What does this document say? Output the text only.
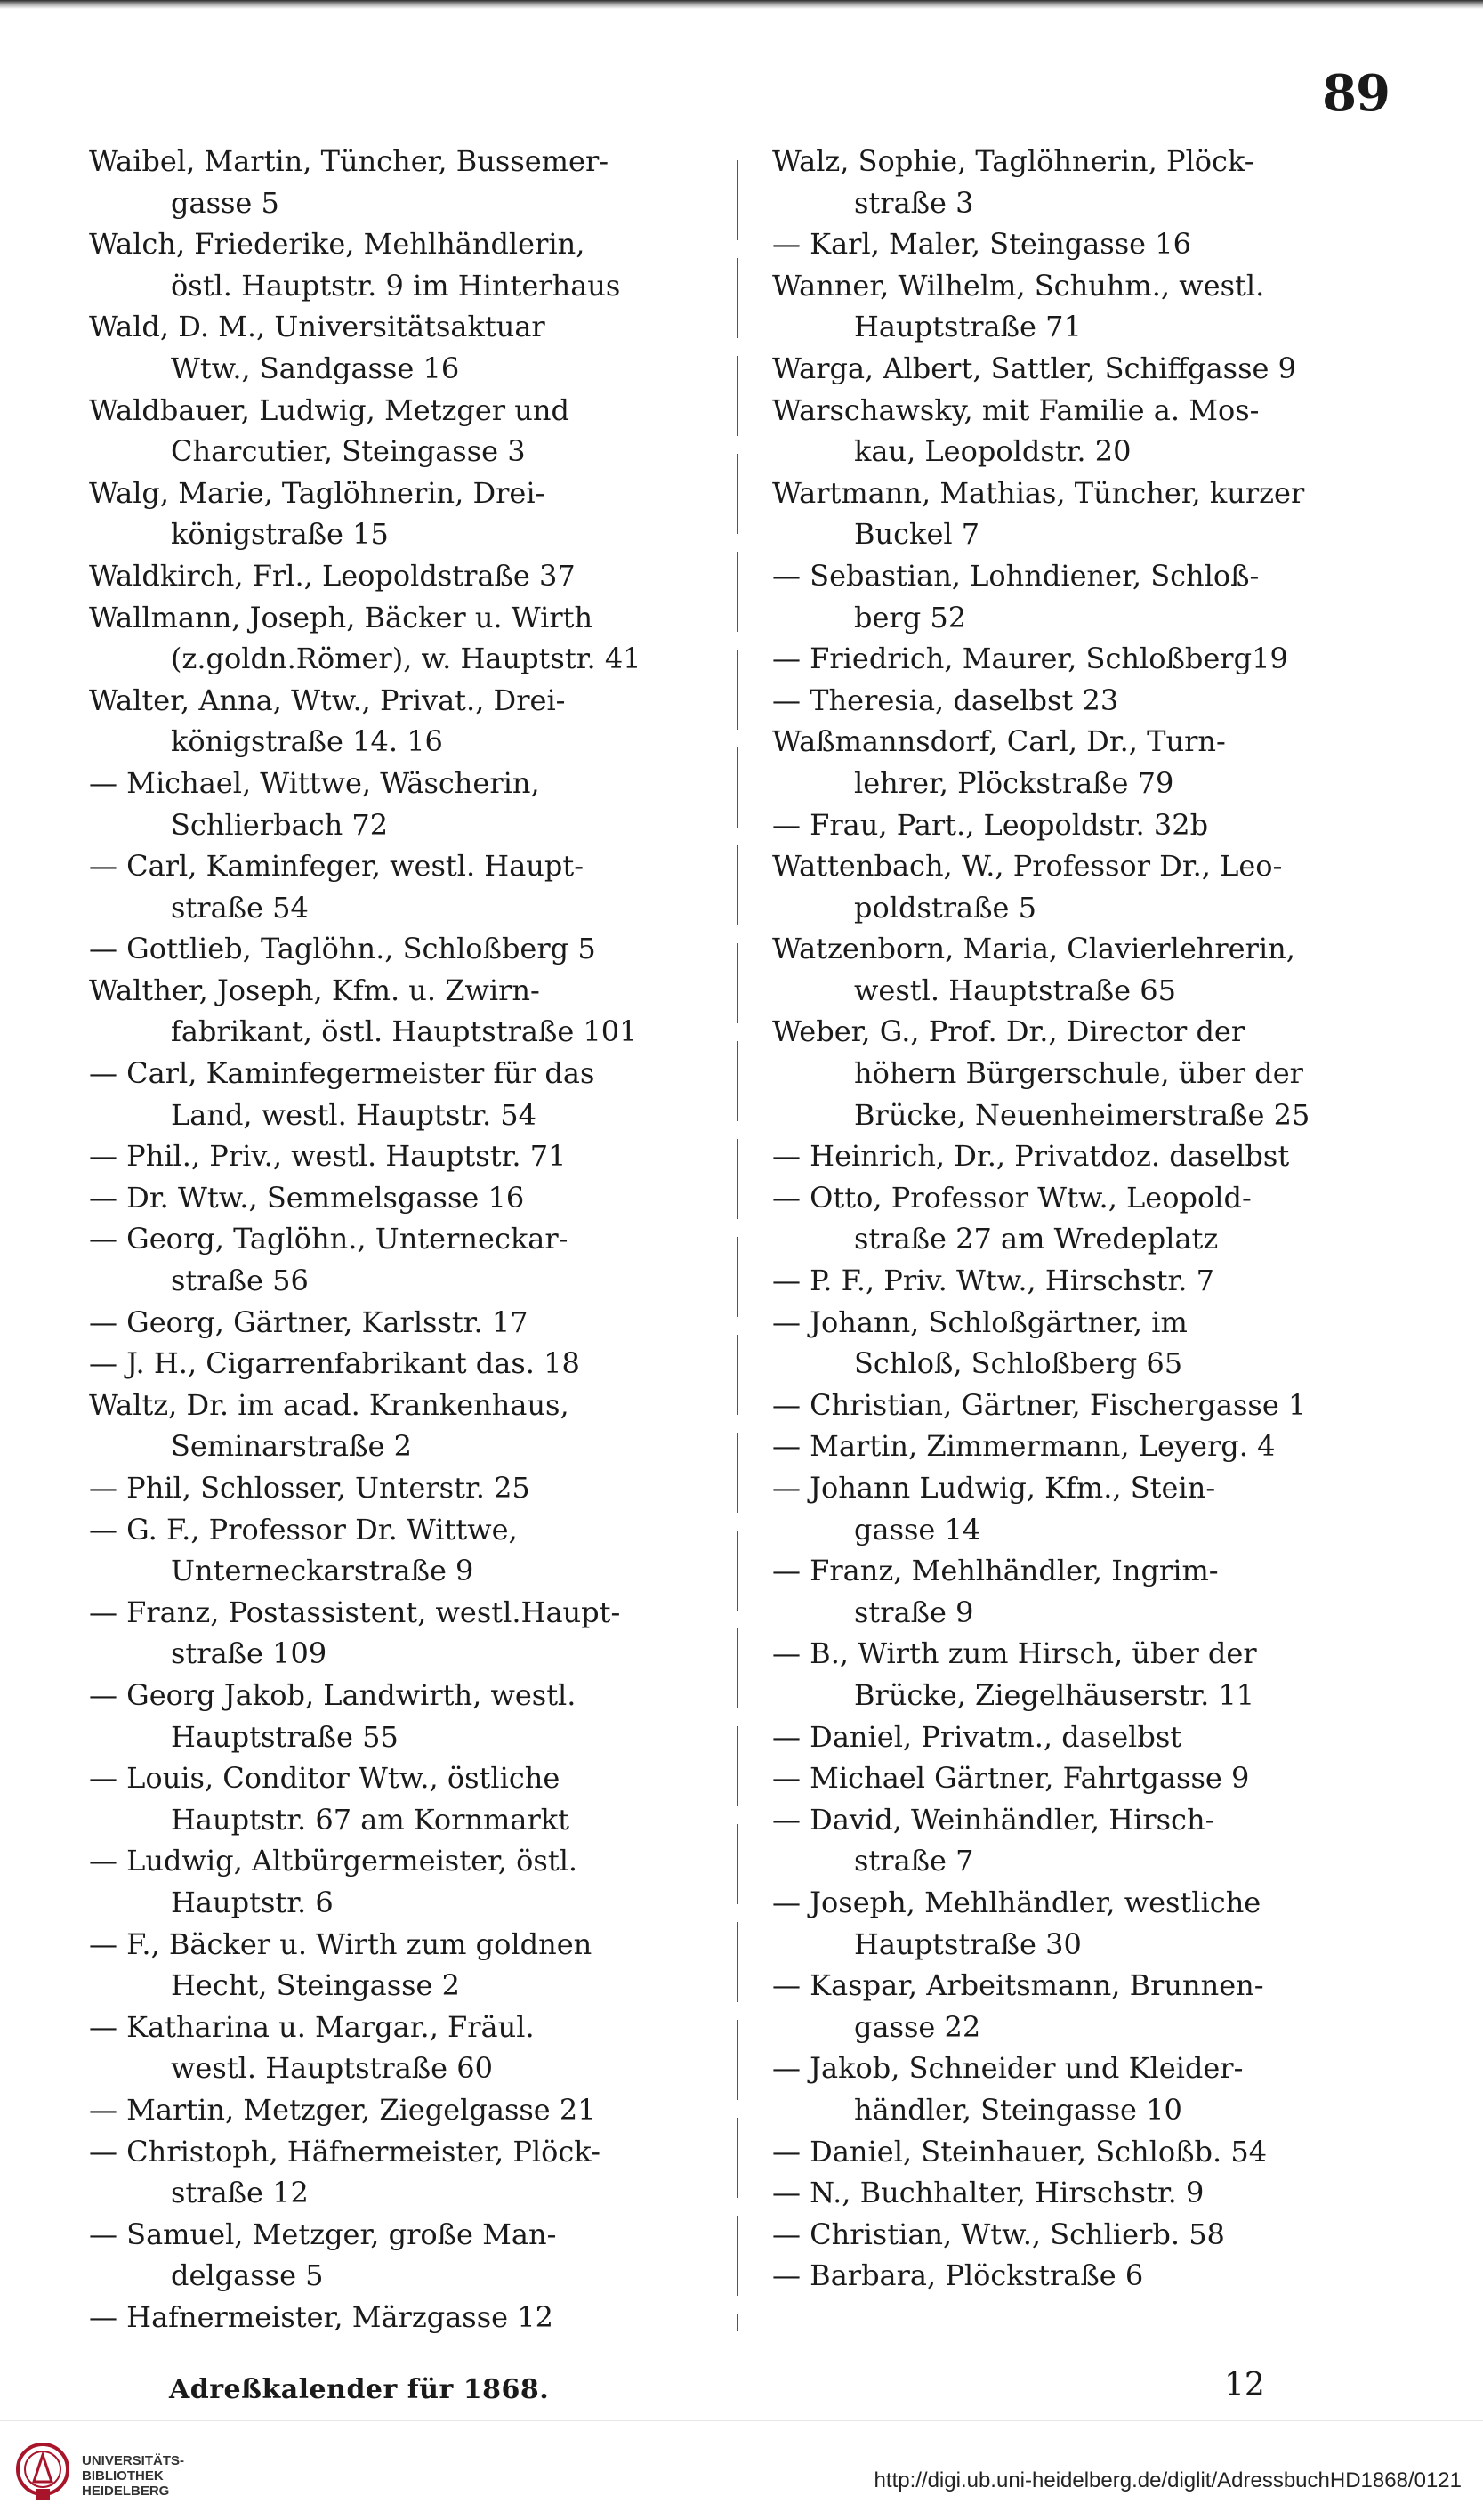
89
Waibel, Martin, Tüncher, Bussemer-
gasse 5
Walch, Friederike, Mehlhändlerin,
östl. Hauptstr. 9 im Hinterhaus
Wald, D. M., Universitätsaktuar
Wtw., Sandgasse 16
Waldbauer, Ludwig, Metzger und
Charcutier, Steingasse 3
Walg, Marie, Taglöhnerin, Drei-
königstraße 15
Waldkirch, Frl., Leopoldstraße 37
Wallmann, Joseph, Bäcker u. Wirth
(z.goldn.Römer), w. Hauptstr. 41
Walter, Anna, Wtw., Privat., Drei-
königstraße 14. 16
— Michael, Wittwe, Wäscherin,
Schlierbach 72
— Carl, Kaminfeger, westl. Haupt-
straße 54
— Gottlieb, Taglöhn., Schloßberg 5
Walther, Joseph, Kfm. u. Zwirn-
fabrikant, östl. Hauptstraße 101
— Carl, Kaminfegermeister für das
Land, westl. Hauptstr. 54
— Phil., Priv., westl. Hauptstr. 71
— Dr. Wtw., Semmelsgasse 16
— Georg, Taglöhn., Unterneckar-
straße 56
— Georg, Gärtner, Karlsstr. 17
— J. H., Cigarrenfabrikant das. 18
Waltz, Dr. im acad. Krankenhaus,
Seminarstraße 2
— Phil, Schlosser, Unterstr. 25
— G. F., Professor Dr. Wittwe,
Unterneckarstraße 9
— Franz, Postassistent, westl.Haupt-
straße 109
— Georg Jakob, Landwirth, westl.
Hauptstraße 55
— Louis, Conditor Wtw., östliche
Hauptstr. 67 am Kornmarkt
— Ludwig, Altbürgermeister, östl.
Hauptstr. 6
— F., Bäcker u. Wirth zum goldnen
Hecht, Steingasse 2
— Katharina u. Margar., Fräul.
westl. Hauptstraße 60
— Martin, Metzger, Ziegelgasse 21
— Christoph, Häfnermeister, Plöck-
straße 12
— Samuel, Metzger, große Man-
delgasse 5
— Hafnermeister, Märzgasse 12
Walz, Sophie, Taglöhnerin, Plöck-
straße 3
— Karl, Maler, Steingasse 16
Wanner, Wilhelm, Schuhm., westl.
Hauptstraße 71
Warga, Albert, Sattler, Schiffgasse 9
Warschawsky, mit Familie a. Mos-
kau, Leopoldstr. 20
Wartmann, Mathias, Tüncher, kurzer
Buckel 7
— Sebastian, Lohndiener, Schloß-
berg 52
— Friedrich, Maurer, Schloßberg19
— Theresia, daselbst 23
Waßmannsdorf, Carl, Dr., Turn-
lehrer, Plöckstraße 79
— Frau, Part., Leopoldstr. 32b
Wattenbach, W., Professor Dr., Leo-
poldstraße 5
Watzenborn, Maria, Clavierlehrerin,
westl. Hauptstraße 65
Weber, G., Prof. Dr., Director der
höhern Bürgerschule, über der
Brücke, Neuenheimerstraße 25
— Heinrich, Dr., Privatdoz. daselbst
— Otto, Professor Wtw., Leopold-
straße 27 am Wredeplatz
— P. F., Priv. Wtw., Hirschstr. 7
— Johann, Schloßgärtner, im
Schloß, Schloßberg 65
— Christian, Gärtner, Fischergasse 1
— Martin, Zimmermann, Leyerg. 4
— Johann Ludwig, Kfm., Stein-
gasse 14
— Franz, Mehlhändler, Ingrim-
straße 9
— B., Wirth zum Hirsch, über der
Brücke, Ziegelhäuserstr. 11
— Daniel, Privatm., daselbst
— Michael Gärtner, Fahrtgasse 9
— David, Weinhändler, Hirsch-
straße 7
— Joseph, Mehlhändler, westliche
Hauptstraße 30
— Kaspar, Arbeitsmann, Brunnen-
gasse 22
— Jakob, Schneider und Kleider-
händler, Steingasse 10
— Daniel, Steinhauer, Schloßb. 54
— N., Buchhalter, Hirschstr. 9
— Christian, Wtw., Schlierb. 58
— Barbara, Plöckstraße 6
Adreßkalender für 1868.	12
UNIVERSITÄTS-
BIBLIOTHEK
HEIDELBERG	http://digi.ub.uni-heidelberg.de/diglit/AdressbuchHD1868/0121
